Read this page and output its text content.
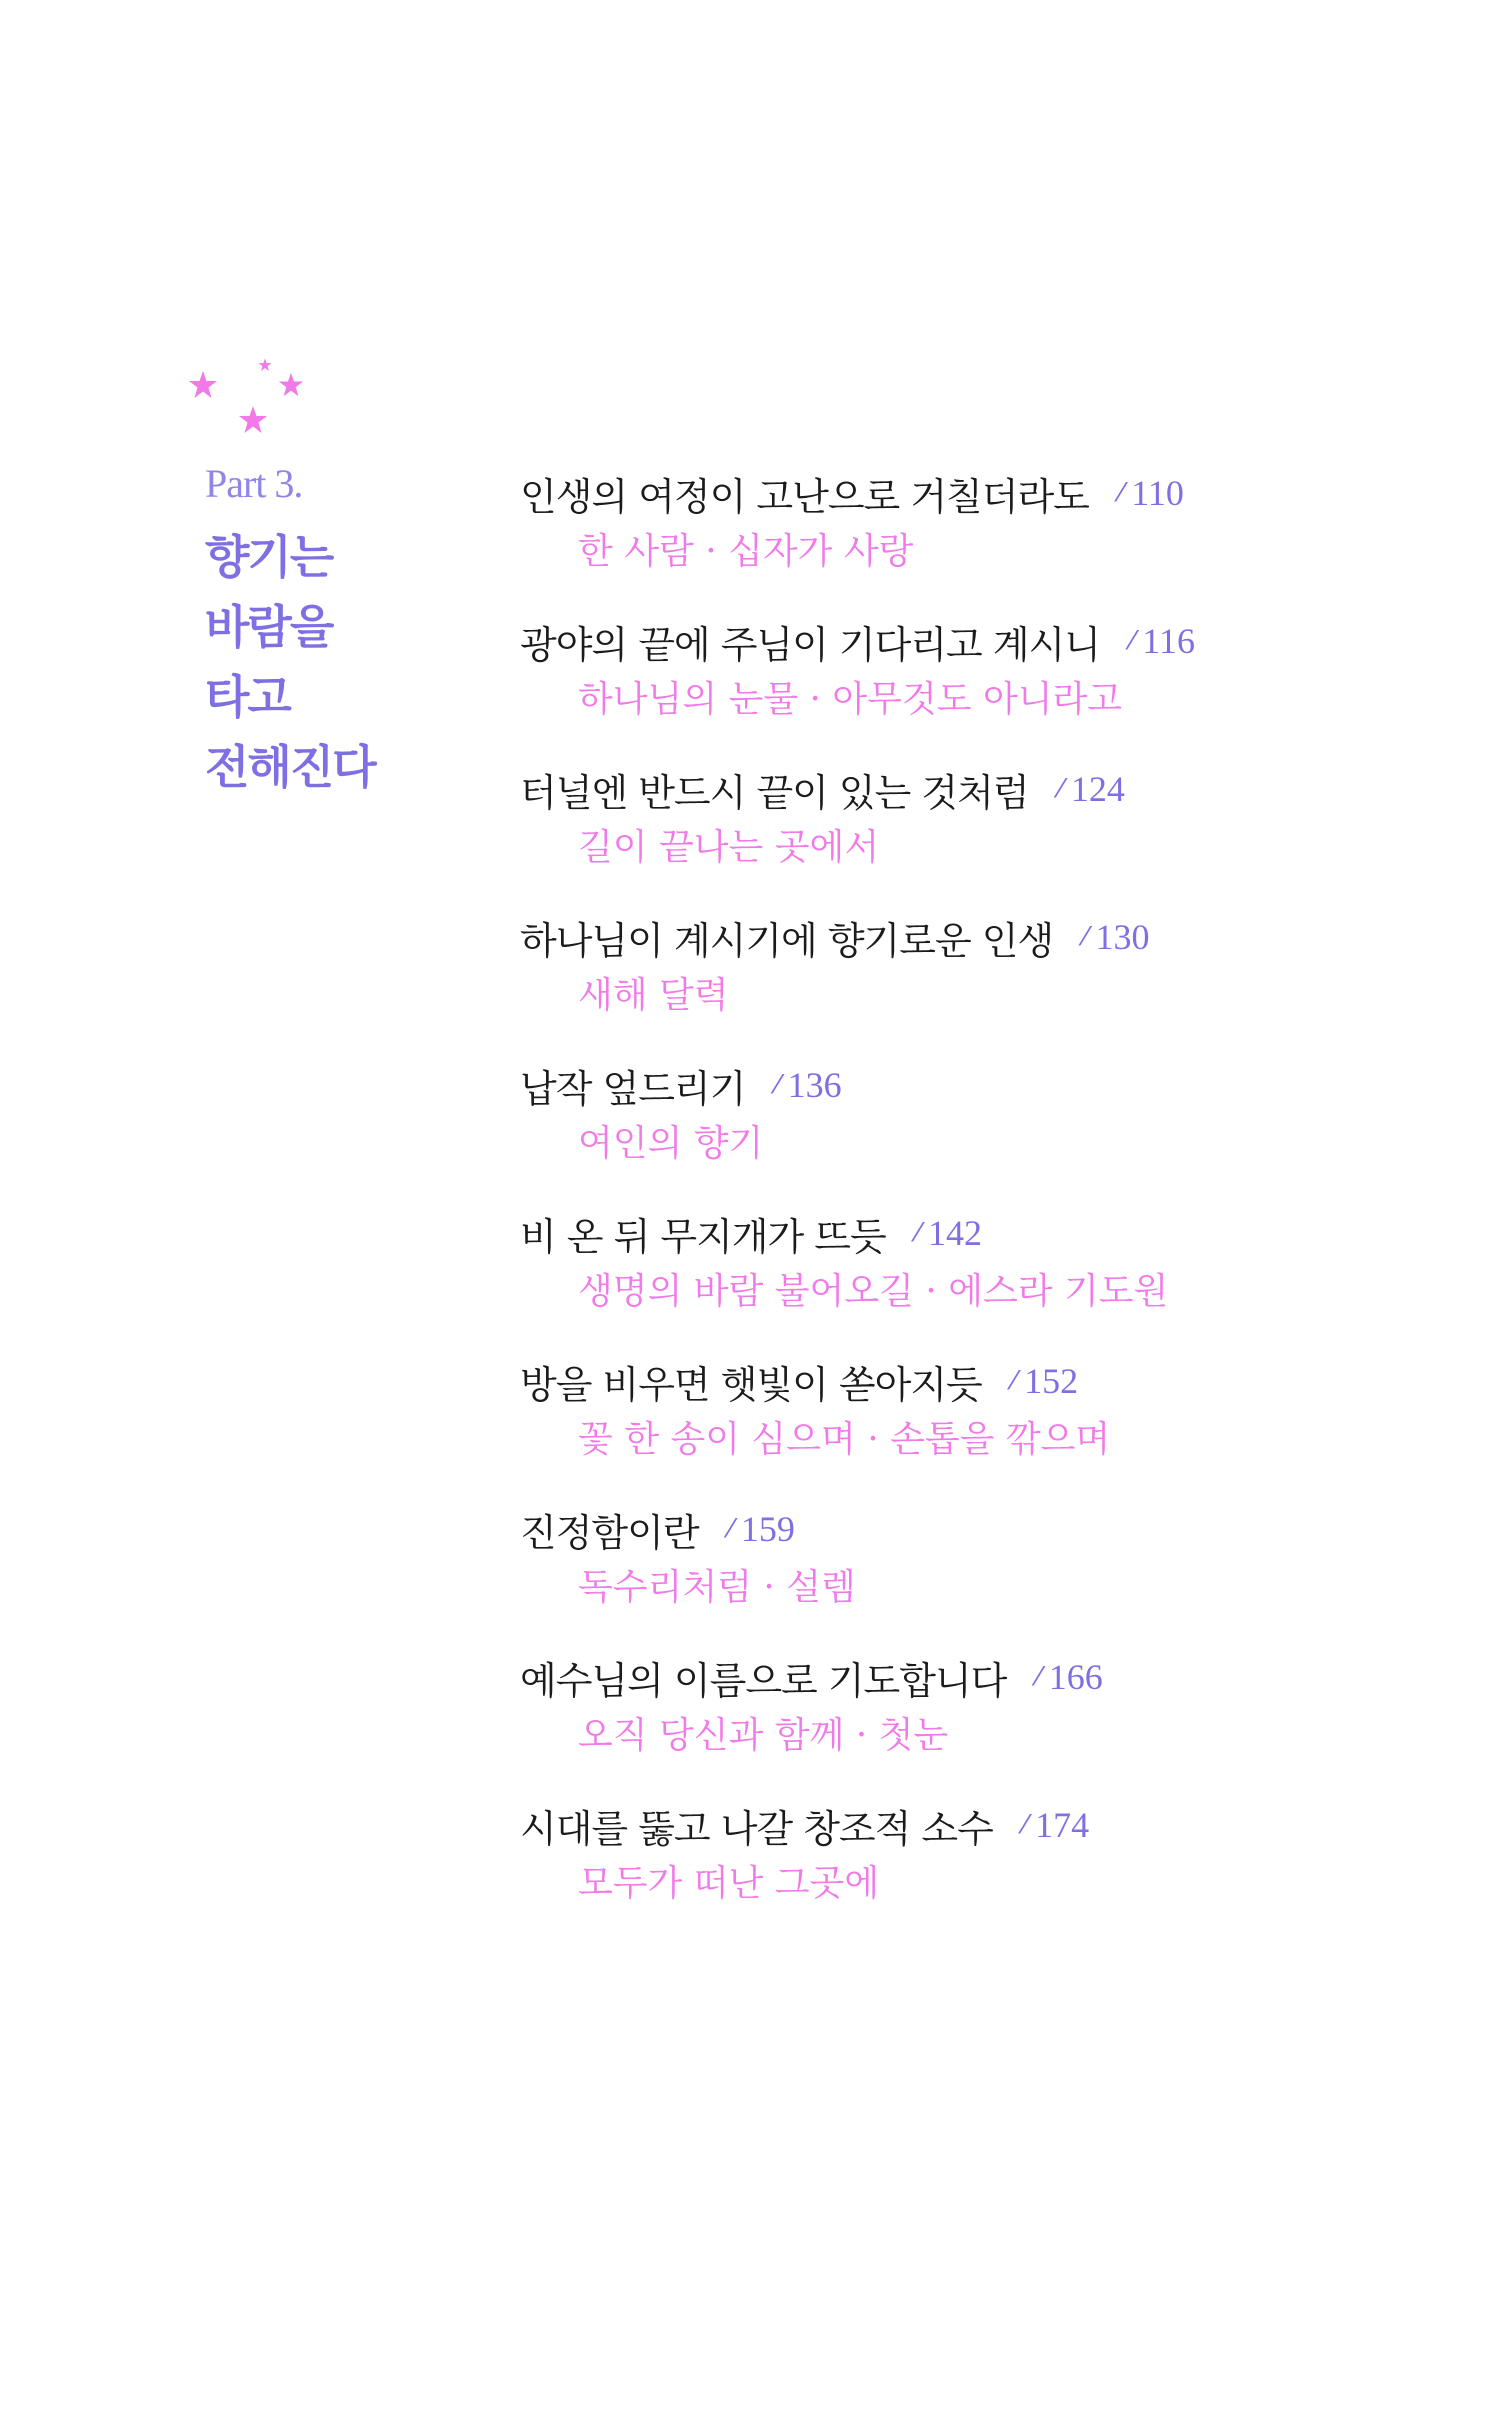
Part 3.
향기는
바람을
타고
전해진다
인생의 여정이 고난으로 거칠더라도 ⁄ 110
한 사람 · 십자가 사랑
광야의 끝에 주님이 기다리고 계시니 ⁄ 116
하나님의 눈물 · 아무것도 아니라고
터널엔 반드시 끝이 있는 것처럼 ⁄ 124
길이 끝나는 곳에서
하나님이 계시기에 향기로운 인생 ⁄ 130
새해 달력
납작 엎드리기 ⁄ 136
여인의 향기
비 온 뒤 무지개가 뜨듯 ⁄ 142
생명의 바람 불어오길 · 에스라 기도원
방을 비우면 햇빛이 쏟아지듯 ⁄ 152
꽃 한 송이 심으며 · 손톱을 깎으며
진정함이란 ⁄ 159
독수리처럼 · 설렘
예수님의 이름으로 기도합니다 ⁄ 166
오직 당신과 함께 · 첫눈
시대를 뚫고 나갈 창조적 소수 ⁄ 174
모두가 떠난 그곳에
